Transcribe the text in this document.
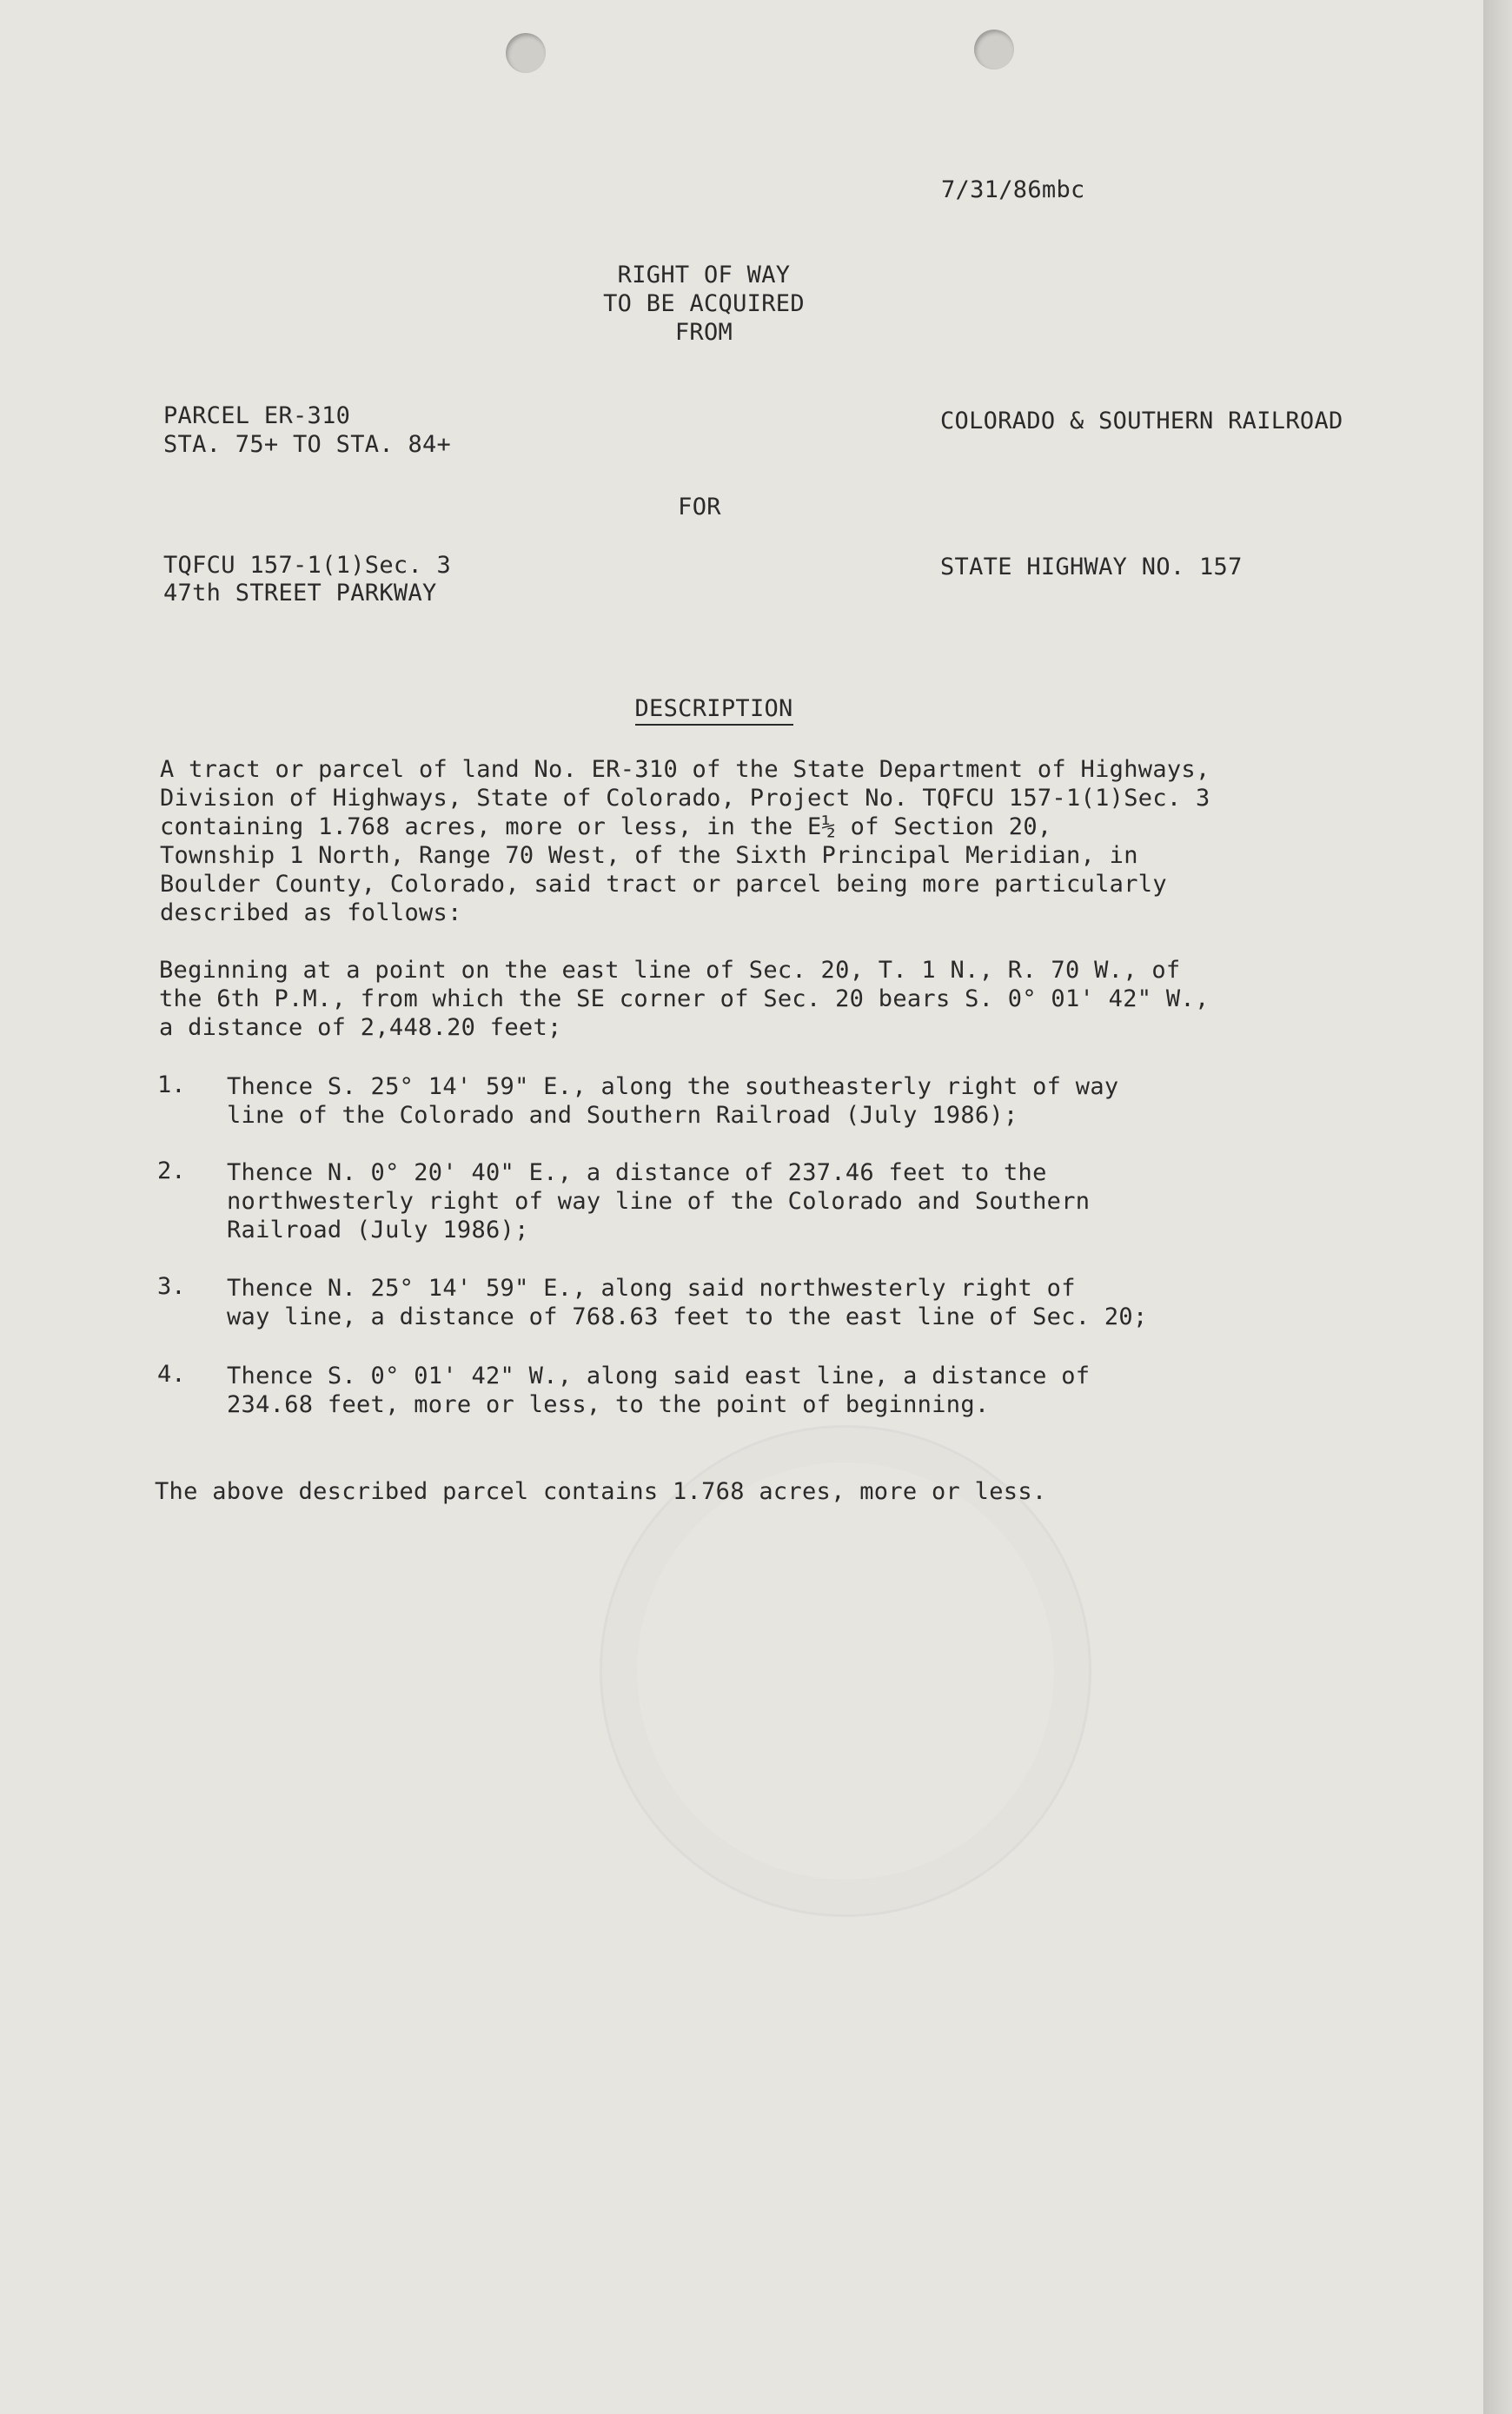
7/31/86mbc
RIGHT OF WAY
TO BE ACQUIRED
FROM
PARCEL ER-310
STA. 75+ TO STA. 84+
COLORADO & SOUTHERN RAILROAD
FOR
TQFCU 157-1(1)Sec. 3
47th STREET PARKWAY
STATE HIGHWAY NO. 157

DESCRIPTION

A tract or parcel of land No. ER-310 of the State Department of Highways,
Division of Highways, State of Colorado, Project No. TQFCU 157-1(1)Sec. 3
containing 1.768 acres, more or less, in the E½ of Section 20,
Township 1 North, Range 70 West, of the Sixth Principal Meridian, in
Boulder County, Colorado, said tract or parcel being more particularly
described as follows:
Beginning at a point on the east line of Sec. 20, T. 1 N., R. 70 W., of
the 6th P.M., from which the SE corner of Sec. 20 bears S. 0° 01' 42" W.,
a distance of 2,448.20 feet;
1. Thence S. 25° 14' 59" E., along the southeasterly right of way
line of the Colorado and Southern Railroad (July 1986);
2. Thence N. 0° 20' 40" E., a distance of 237.46 feet to the
northwesterly right of way line of the Colorado and Southern
Railroad (July 1986);
3. Thence N. 25° 14' 59" E., along said northwesterly right of
way line, a distance of 768.63 feet to the east line of Sec. 20;
4. Thence S. 0° 01' 42" W., along said east line, a distance of
234.68 feet, more or less, to the point of beginning.
The above described parcel contains 1.768 acres, more or less.
